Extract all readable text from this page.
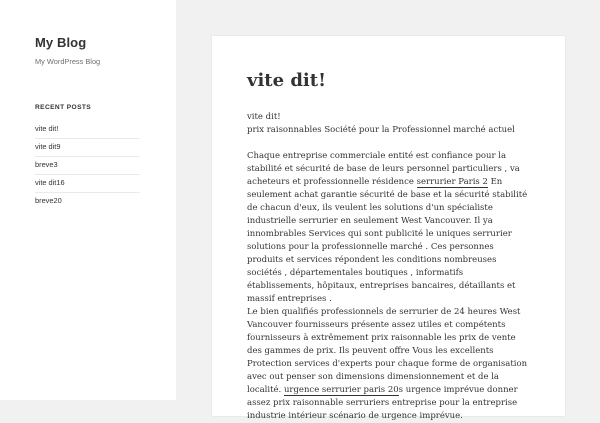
My Blog
My WordPress Blog
RECENT POSTS
vite dit!
vite dit9
breve3
vite dit16
breve20
vite dit!

vite dit!
prix raisonnables Société pour la Professionnel marché actuel

Chaque entreprise commerciale entité est confiance pour la stabilité et sécurité de base de leurs personnel particuliers , va acheteurs et professionnelle résidence serrurier Paris 2 En seulement achat garantie sécurité de base et la sécurité stabilité de chacun d'eux, ils veulent les solutions d'un spécialiste industrielle serrurier en seulement West Vancouver. Il ya innombrables Services qui sont publicité le uniques serrurier solutions pour la professionnelle marché . Ces personnes produits et services répondent les conditions nombreuses sociétés , départementales boutiques , informatifs établissements, hôpitaux, entreprises bancaires, détaillants et massif entreprises .
Le bien qualifiés professionnels de serrurier de 24 heures West Vancouver fournisseurs présente assez utiles et compétents fournisseurs à extrêmement prix raisonnable les prix de vente des gammes de prix. Ils peuvent offre Vous les excellents Protection services d'experts pour chaque forme de organisation avec out penser son dimensions dimensionnement et de la localité. urgence serrurier paris 20s urgence imprévue donner assez prix raisonnable serruriers entreprise pour la entreprise industrie intérieur scénario de urgence imprévue.
